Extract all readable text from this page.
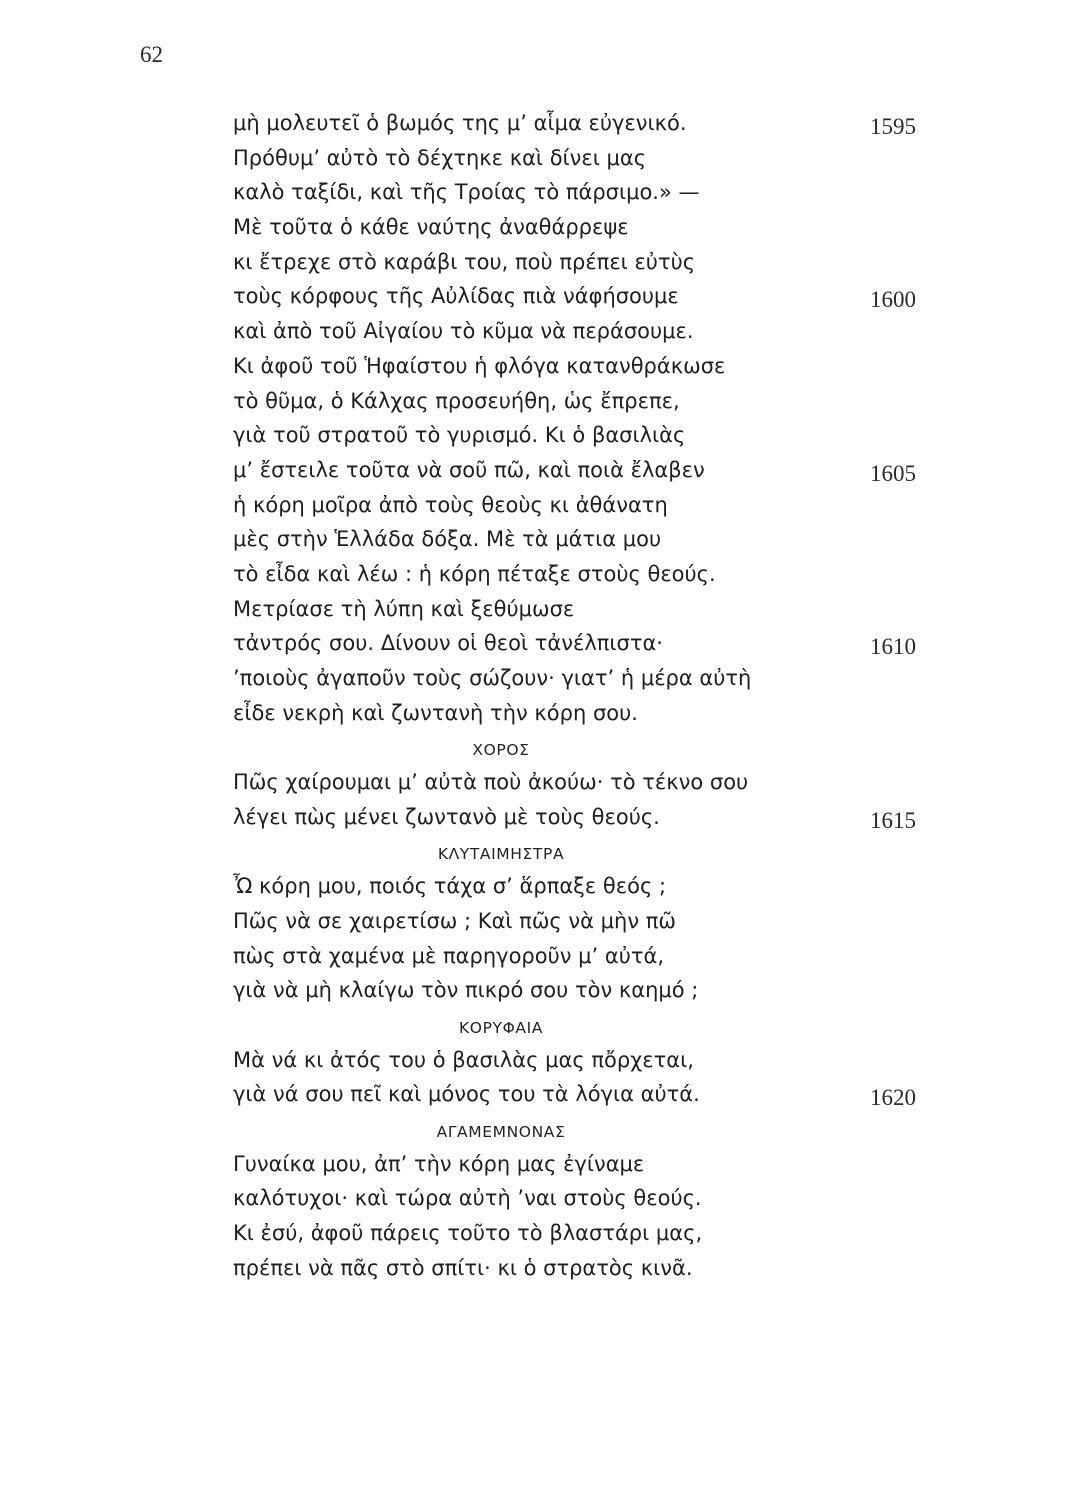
62
μὴ μολευτεῖ ὁ βωμός της μ’ αἷμα εὐγενικό.	1595
Πρόθυμ’ αὐτὸ τὸ δέχτηκε καὶ δίνει μας
καλὸ ταξίδι, καὶ τῆς Τροίας τὸ πάρσιμο.» —
Μὲ τοῦτα ὁ κάθε ναύτης ἀναθάρρεψε
κι ἔτρεχε στὸ καράβι του, ποὺ πρέπει εὐτὺς
τοὺς κόρφους τῆς Αὐλίδας πιὰ νάφήσουμε	1600
καὶ ἀπὸ τοῦ Αἰγαίου τὸ κῦμα νὰ περάσουμε.
Κι ἀφοῦ τοῦ Ἡφαίστου ἡ φλόγα κατανθράκωσε
τὸ θῦμα, ὁ Κάλχας προσευήθη, ὡς ἔπρεπε,
γιὰ τοῦ στρατοῦ τὸ γυρισμό. Κι ὁ βασιλιὰς
μ’ ἔστειλε τοῦτα νὰ σοῦ πῶ, καὶ ποιὰ ἔλαβεν	1605
ἡ κόρη μοῖρα ἀπὸ τοὺς θεοὺς κι ἀθάνατη
μὲς στὴν Ἑλλάδα δόξα. Μὲ τὰ μάτια μου
τὸ εἶδα καὶ λέω : ἡ κόρη πέταξε στοὺς θεούς.
Μετρίασε τὴ λύπη καὶ ξεθύμωσε
τἀντρός σου. Δίνουν οἱ θεοὶ τἀνέλπιστα·	1610
’ποιοὺς ἀγαποῦν τοὺς σώζουν· γιατ’ ἡ μέρα αὐτὴ
εἶδε νεκρὴ καὶ ζωντανὴ τὴν κόρη σου.
ΧΟΡΟΣ
Πῶς χαίρουμαι μ’ αὐτὰ ποὺ ἀκούω· τὸ τέκνο σου
λέγει πὼς μένει ζωντανὸ μὲ τοὺς θεούς.	1615
ΚΛΥΤΑΙΜΗΣΤΡΑ
Ὦ κόρη μου, ποιός τάχα σ’ ἅρπαξε θεός ;
Πῶς νὰ σε χαιρετίσω ; Καὶ πῶς νὰ μὴν πῶ
πὼς στὰ χαμένα μὲ παρηγοροῦν μ’ αὐτά,
γιὰ νὰ μὴ κλαίγω τὸν πικρό σου τὸν καημό ;
ΚΟΡΥΦΑΙΑ
Μὰ νά κι ἀτός του ὁ βασιλὰς μας πὄρχεται,
γιὰ νά σου πεῖ καὶ μόνος του τὰ λόγια αὐτά.	1620
ΑΓΑΜΕΜΝΟΝΑΣ
Γυναίκα μου, ἀπ’ τὴν κόρη μας ἐγίναμε
καλότυχοι· καὶ τώρα αὐτὴ ’ναι στοὺς θεούς.
Κι ἐσύ, ἀφοῦ πάρεις τοῦτο τὸ βλαστάρι μας,
πρέπει νὰ πᾶς στὸ σπίτι· κι ὁ στρατὸς κινᾶ.
